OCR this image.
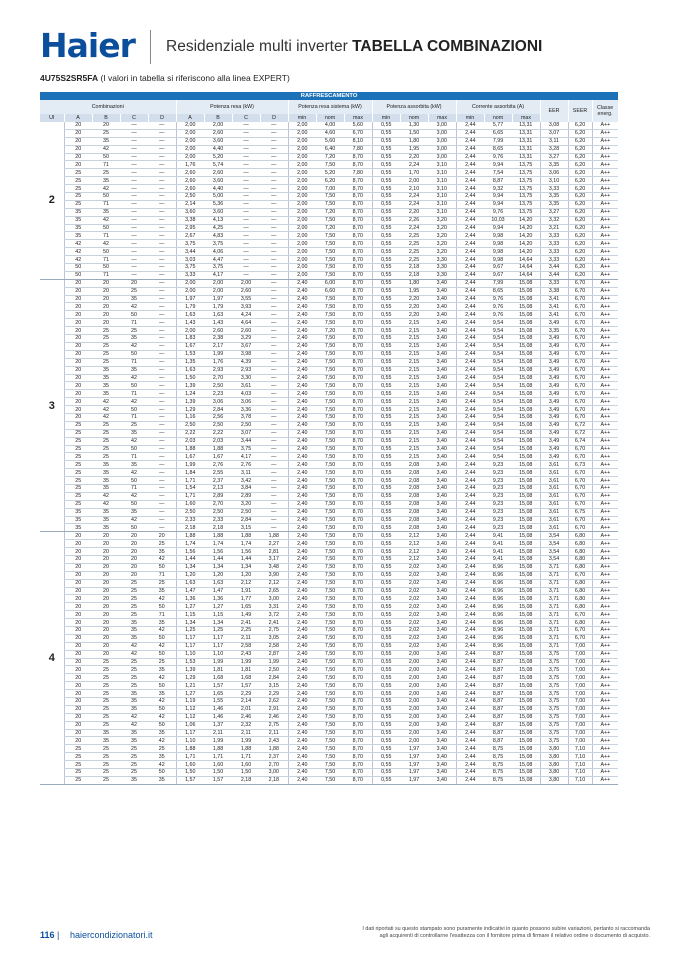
Haier Residenziale multi inverter TABELLA COMBINAZIONI
4U75S2SR5FA (I valori in tabella si riferiscono alla linea EXPERT)
RAFFRESCAMENTO																				
Combinazioni					Potenza resa (kW)				Potenza resa sistema (kW)			Potenza assorbita (kW)			Corrente assorbita (A)			EER	SEER	Classe energ.
UI	A	B	C	D	A	B	C	D	min	nom	max	min	nom	max	min	nom	max			
2	20	20	—	—	2,00	2,00	—	—	2,00	4,00	5,60	0,55	1,30	3,00	2,44	5,77	13,31	3,08	6,20	A++
	20	25	—	—	2,00	2,60	—	—	2,00	4,60	6,70	0,55	1,50	3,00	2,44	6,65	13,31	3,07	6,20	A++
	20	35	—	—	2,00	3,60	—	—	2,00	5,60	8,10	0,55	1,80	3,00	2,44	7,99	13,31	3,11	6,20	A++
	20	42	—	—	2,00	4,40	—	—	2,00	6,40	7,80	0,55	1,95	3,00	2,44	8,65	13,31	3,28	6,20	A++
	20	50	—	—	2,00	5,20	—	—	2,00	7,20	8,70	0,55	2,20	3,00	2,44	9,76	13,31	3,27	6,20	A++
	20	71	—	—	1,76	5,74	—	—	2,00	7,50	8,70	0,55	2,24	3,10	2,44	9,94	13,75	3,35	6,20	A++
	25	25	—	—	2,60	2,60	—	—	2,00	5,20	7,80	0,55	1,70	3,10	2,44	7,54	13,75	3,06	6,20	A++
	25	35	—	—	2,60	3,60	—	—	2,00	6,20	8,70	0,55	2,00	3,10	2,44	8,87	13,75	3,10	6,20	A++
	25	42	—	—	2,60	4,40	—	—	2,00	7,00	8,70	0,55	2,10	3,10	2,44	9,32	13,75	3,33	6,20	A++
	25	50	—	—	2,50	5,00	—	—	2,00	7,50	8,70	0,55	2,24	3,10	2,44	9,94	13,75	3,35	6,20	A++
	25	71	—	—	2,14	5,36	—	—	2,00	7,50	8,70	0,55	2,24	3,10	2,44	9,94	13,75	3,35	6,20	A++
	35	35	—	—	3,60	3,60	—	—	2,00	7,20	8,70	0,55	2,20	3,10	2,44	9,76	13,75	3,27	6,20	A++
	35	42	—	—	3,38	4,13	—	—	2,00	7,50	8,70	0,55	2,26	3,20	2,44	10,03	14,20	3,32	6,20	A++
	35	50	—	—	2,95	4,25	—	—	2,00	7,20	8,70	0,55	2,24	3,20	2,44	9,94	14,20	3,21	6,20	A++
	35	71	—	—	2,67	4,83	—	—	2,00	7,50	8,70	0,55	2,25	3,20	2,44	9,98	14,20	3,33	6,20	A++
	42	42	—	—	3,75	3,75	—	—	2,00	7,50	8,70	0,55	2,25	3,20	2,44	9,98	14,20	3,33	6,20	A++
	42	50	—	—	3,44	4,06	—	—	2,00	7,50	8,70	0,55	2,25	3,20	2,44	9,98	14,20	3,33	6,20	A++
	42	71	—	—	3,03	4,47	—	—	2,00	7,50	8,70	0,55	2,25	3,30	2,44	9,98	14,64	3,33	6,20	A++
	50	50	—	—	3,75	3,75	—	—	2,00	7,50	8,70	0,55	2,18	3,30	2,44	9,67	14,64	3,44	6,20	A++
	50	71	—	—	3,33	4,17	—	—	2,00	7,50	8,70	0,55	2,18	3,30	2,44	9,67	14,64	3,44	6,20	A++
3	20	20	20	—	2,00	2,00	2,00	—	2,40	6,00	8,70	0,55	1,80	3,40	2,44	7,99	15,08	3,33	6,70	A++
	20	20	25	—	2,00	2,00	2,60	—	2,40	6,60	8,70	0,55	1,95	3,40	2,44	8,65	15,08	3,38	6,70	A++
	20	20	35	—	1,97	1,97	3,55	—	2,40	7,50	8,70	0,55	2,20	3,40	2,44	9,76	15,08	3,41	6,70	A++
	20	20	42	—	1,79	1,79	3,93	—	2,40	7,50	8,70	0,55	2,20	3,40	2,44	9,76	15,08	3,41	6,70	A++
	20	20	50	—	1,63	1,63	4,24	—	2,40	7,50	8,70	0,55	2,20	3,40	2,44	9,76	15,08	3,41	6,70	A++
	20	20	71	—	1,43	1,43	4,64	—	2,40	7,50	8,70	0,55	2,15	3,40	2,44	9,54	15,08	3,49	6,70	A++
	20	25	25	—	2,00	2,60	2,60	—	2,40	7,20	8,70	0,55	2,15	3,40	2,44	9,54	15,08	3,35	6,70	A++
	20	25	35	—	1,83	2,38	3,29	—	2,40	7,50	8,70	0,55	2,15	3,40	2,44	9,54	15,08	3,49	6,70	A++
	20	25	42	—	1,67	2,17	3,67	—	2,40	7,50	8,70	0,55	2,15	3,40	2,44	9,54	15,08	3,49	6,70	A++
	20	25	50	—	1,53	1,99	3,98	—	2,40	7,50	8,70	0,55	2,15	3,40	2,44	9,54	15,08	3,49	6,70	A++
	20	25	71	—	1,35	1,76	4,39	—	2,40	7,50	8,70	0,55	2,15	3,40	2,44	9,54	15,08	3,49	6,70	A++
	20	35	35	—	1,63	2,93	2,93	—	2,40	7,50	8,70	0,55	2,15	3,40	2,44	9,54	15,08	3,49	6,70	A++
	20	35	42	—	1,50	2,70	3,30	—	2,40	7,50	8,70	0,55	2,15	3,40	2,44	9,54	15,08	3,49	6,70	A++
	20	35	50	—	1,39	2,50	3,61	—	2,40	7,50	8,70	0,55	2,15	3,40	2,44	9,54	15,08	3,49	6,70	A++
	20	35	71	—	1,24	2,23	4,03	—	2,40	7,50	8,70	0,55	2,15	3,40	2,44	9,54	15,08	3,49	6,70	A++
	20	42	42	—	1,39	3,06	3,06	—	2,40	7,50	8,70	0,55	2,15	3,40	2,44	9,54	15,08	3,49	6,70	A++
	20	42	50	—	1,29	2,84	3,36	—	2,40	7,50	8,70	0,55	2,15	3,40	2,44	9,54	15,08	3,49	6,70	A++
	20	42	71	—	1,16	2,56	3,78	—	2,40	7,50	8,70	0,55	2,15	3,40	2,44	9,54	15,08	3,49	6,70	A++
	25	25	25	—	2,50	2,50	2,50	—	2,40	7,50	8,70	0,55	2,15	3,40	2,44	9,54	15,08	3,49	6,72	A++
	25	25	35	—	2,22	2,22	3,07	—	2,40	7,50	8,70	0,55	2,15	3,40	2,44	9,54	15,08	3,49	6,72	A++
	25	25	42	—	2,03	2,03	3,44	—	2,40	7,50	8,70	0,55	2,15	3,40	2,44	9,54	15,08	3,49	6,74	A++
	25	25	50	—	1,88	1,88	3,75	—	2,40	7,50	8,70	0,55	2,15	3,40	2,44	9,54	15,08	3,49	6,70	A++
	25	25	71	—	1,67	1,67	4,17	—	2,40	7,50	8,70	0,55	2,15	3,40	2,44	9,54	15,08	3,49	6,70	A++
	25	35	35	—	1,99	2,76	2,76	—	2,40	7,50	8,70	0,55	2,08	3,40	2,44	9,23	15,08	3,61	6,73	A++
	25	35	42	—	1,84	2,55	3,11	—	2,40	7,50	8,70	0,55	2,08	3,40	2,44	9,23	15,08	3,61	6,70	A++
	25	35	50	—	1,71	2,37	3,42	—	2,40	7,50	8,70	0,55	2,08	3,40	2,44	9,23	15,08	3,61	6,70	A++
	25	35	71	—	1,54	2,13	3,84	—	2,40	7,50	8,70	0,55	2,08	3,40	2,44	9,23	15,08	3,61	6,70	A++
	25	42	42	—	1,71	2,89	2,89	—	2,40	7,50	8,70	0,55	2,08	3,40	2,44	9,23	15,08	3,61	6,70	A++
	25	42	50	—	1,60	2,70	3,20	—	2,40	7,50	8,70	0,55	2,08	3,40	2,44	9,23	15,08	3,61	6,70	A++
	35	35	35	—	2,50	2,50	2,50	—	2,40	7,50	8,70	0,55	2,08	3,40	2,44	9,23	15,08	3,61	6,75	A++
	35	35	42	—	2,33	2,33	2,84	—	2,40	7,50	8,70	0,55	2,08	3,40	2,44	9,23	15,08	3,61	6,70	A++
	35	35	50	—	2,18	2,18	3,15	—	2,40	7,50	8,70	0,55	2,08	3,40	2,44	9,23	15,08	3,61	6,70	A++
4	20	20	20	20	1,88	1,88	1,88	1,88	2,40	7,50	8,70	0,55	2,12	3,40	2,44	9,41	15,08	3,54	6,80	A++
	20	20	20	25	1,74	1,74	1,74	2,27	2,40	7,50	8,70	0,55	2,12	3,40	2,44	9,41	15,08	3,54	6,80	A++
	20	20	20	35	1,56	1,56	1,56	2,81	2,40	7,50	8,70	0,55	2,12	3,40	2,44	9,41	15,08	3,54	6,80	A++
	20	20	20	42	1,44	1,44	1,44	3,17	2,40	7,50	8,70	0,55	2,12	3,40	2,44	9,41	15,08	3,54	6,80	A++
	20	20	20	50	1,34	1,34	1,34	3,48	2,40	7,50	8,70	0,55	2,02	3,40	2,44	8,96	15,08	3,71	6,80	A++
	20	20	20	71	1,20	1,20	1,20	3,90	2,40	7,50	8,70	0,55	2,02	3,40	2,44	8,96	15,08	3,71	6,70	A++
	20	20	25	25	1,63	1,63	2,12	2,12	2,40	7,50	8,70	0,55	2,02	3,40	2,44	8,96	15,08	3,71	6,80	A++
	20	20	25	35	1,47	1,47	1,91	2,65	2,40	7,50	8,70	0,55	2,02	3,40	2,44	8,96	15,08	3,71	6,80	A++
	20	20	25	42	1,36	1,36	1,77	3,00	2,40	7,50	8,70	0,55	2,02	3,40	2,44	8,96	15,08	3,71	6,80	A++
	20	20	25	50	1,27	1,27	1,65	3,31	2,40	7,50	8,70	0,55	2,02	3,40	2,44	8,96	15,08	3,71	6,80	A++
	20	20	25	71	1,15	1,15	1,49	3,72	2,40	7,50	8,70	0,55	2,02	3,40	2,44	8,96	15,08	3,71	6,70	A++
	20	20	35	35	1,34	1,34	2,41	2,41	2,40	7,50	8,70	0,55	2,02	3,40	2,44	8,96	15,08	3,71	6,80	A++
	20	20	35	42	1,25	1,25	2,25	2,75	2,40	7,50	8,70	0,55	2,02	3,40	2,44	8,96	15,08	3,71	6,70	A++
	20	20	35	50	1,17	1,17	2,11	3,05	2,40	7,50	8,70	0,55	2,02	3,40	2,44	8,96	15,08	3,71	6,70	A++
	20	20	42	42	1,17	1,17	2,58	2,58	2,40	7,50	8,70	0,55	2,02	3,40	2,44	8,96	15,08	3,71	7,00	A++
	20	20	42	50	1,10	1,10	2,43	2,87	2,40	7,50	8,70	0,55	2,00	3,40	2,44	8,87	15,08	3,75	7,00	A++
	20	25	25	25	1,53	1,99	1,99	1,99	2,40	7,50	8,70	0,55	2,00	3,40	2,44	8,87	15,08	3,75	7,00	A++
	20	25	25	35	1,39	1,81	1,81	2,50	2,40	7,50	8,70	0,55	2,00	3,40	2,44	8,87	15,08	3,75	7,00	A++
	20	25	25	42	1,29	1,68	1,68	2,84	2,40	7,50	8,70	0,55	2,00	3,40	2,44	8,87	15,08	3,75	7,00	A++
	20	25	25	50	1,21	1,57	1,57	3,15	2,40	7,50	8,70	0,55	2,00	3,40	2,44	8,87	15,08	3,75	7,00	A++
	20	25	35	35	1,27	1,65	2,29	2,29	2,40	7,50	8,70	0,55	2,00	3,40	2,44	8,87	15,08	3,75	7,00	A++
	20	25	35	42	1,19	1,55	2,14	2,62	2,40	7,50	8,70	0,55	2,00	3,40	2,44	8,87	15,08	3,75	7,00	A++
	20	25	35	50	1,12	1,46	2,01	2,91	2,40	7,50	8,70	0,55	2,00	3,40	2,44	8,87	15,08	3,75	7,00	A++
	20	25	42	42	1,12	1,46	2,46	2,46	2,40	7,50	8,70	0,55	2,00	3,40	2,44	8,87	15,08	3,75	7,00	A++
	20	25	42	50	1,06	1,37	2,32	2,75	2,40	7,50	8,70	0,55	2,00	3,40	2,44	8,87	15,08	3,75	7,00	A++
	20	35	35	35	1,17	2,11	2,11	2,11	2,40	7,50	8,70	0,55	2,00	3,40	2,44	8,87	15,08	3,75	7,00	A++
	20	35	35	42	1,10	1,99	1,99	2,43	2,40	7,50	8,70	0,55	2,00	3,40	2,44	8,87	15,08	3,75	7,00	A++
	25	25	25	25	1,88	1,88	1,88	1,88	2,40	7,50	8,70	0,55	1,97	3,40	2,44	8,75	15,08	3,80	7,10	A++
	25	25	25	35	1,71	1,71	1,71	2,37	2,40	7,50	8,70	0,55	1,97	3,40	2,44	8,75	15,08	3,80	7,10	A++
	25	25	25	42	1,60	1,60	1,60	2,70	2,40	7,50	8,70	0,55	1,97	3,40	2,44	8,75	15,08	3,80	7,10	A++
	25	25	25	50	1,50	1,50	1,50	3,00	2,40	7,50	8,70	0,55	1,97	3,40	2,44	8,75	15,08	3,80	7,10	A++
	25	25	35	35	1,57	1,57	2,18	2,18	2,40	7,50	8,70	0,55	1,97	3,40	2,44	8,75	15,08	3,80	7,10	A++
116 | haiercondizionatori.it
I dati riportati su questo stampato sono puramente indicativi in quanto possono subire variazioni, pertanto si raccomanda
agli acquirenti di controllarne l'esattezza con il fornitore prima di firmare il relativo ordine o documento di acquisto.
